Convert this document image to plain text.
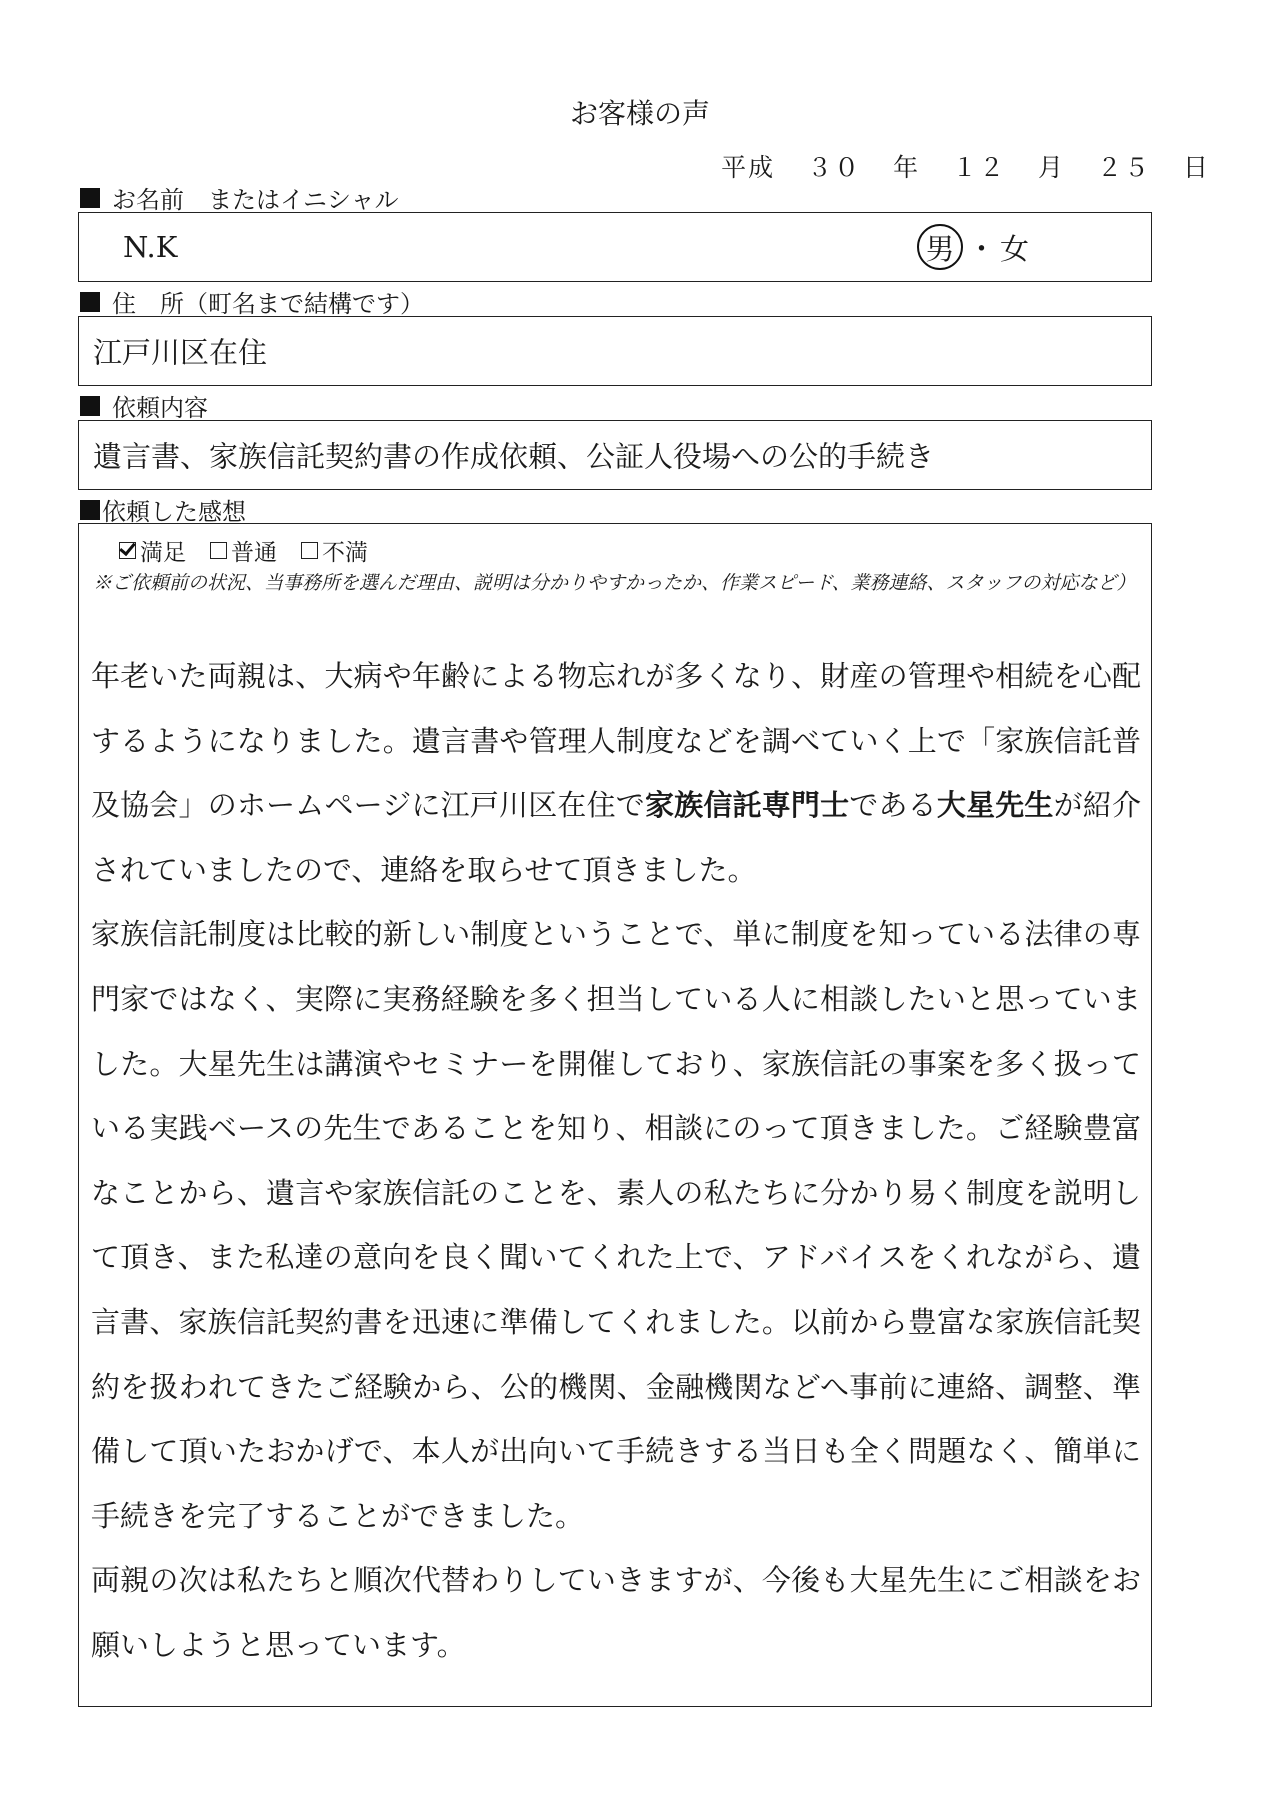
お客様の声
平成 ３０ 年 １２ 月 ２５ 日
お名前　またはイニシャル
N.K	男 ・ 女
住　所（町名まで結構です）
江戸川区在住
依頼内容
遺言書、家族信託契約書の作成依頼、公証人役場への公的手続き
依頼した感想
満足 普通 不満
※ご依頼前の状況、当事務所を選んだ理由、説明は分かりやすかったか、作業スピード、業務連絡、スタッフの対応など）

年老いた両親は、大病や年齢による物忘れが多くなり、財産の管理や相続を心配するようになりました。遺言書や管理人制度などを調べていく上で「家族信託普及協会」のホームページに江戸川区在住で家族信託専門士である大星先生が紹介されていましたので、連絡を取らせて頂きました。

家族信託制度は比較的新しい制度ということで、単に制度を知っている法律の専門家ではなく、実際に実務経験を多く担当している人に相談したいと思っていました。大星先生は講演やセミナーを開催しており、家族信託の事案を多く扱っている実践ベースの先生であることを知り、相談にのって頂きました。ご経験豊富なことから、遺言や家族信託のことを、素人の私たちに分かり易く制度を説明して頂き、また私達の意向を良く聞いてくれた上で、アドバイスをくれながら、遺言書、家族信託契約書を迅速に準備してくれました。以前から豊富な家族信託契約を扱われてきたご経験から、公的機関、金融機関などへ事前に連絡、調整、準備して頂いたおかげで、本人が出向いて手続きする当日も全く問題なく、簡単に手続きを完了することができました。

両親の次は私たちと順次代替わりしていきますが、今後も大星先生にご相談をお願いしようと思っています。
